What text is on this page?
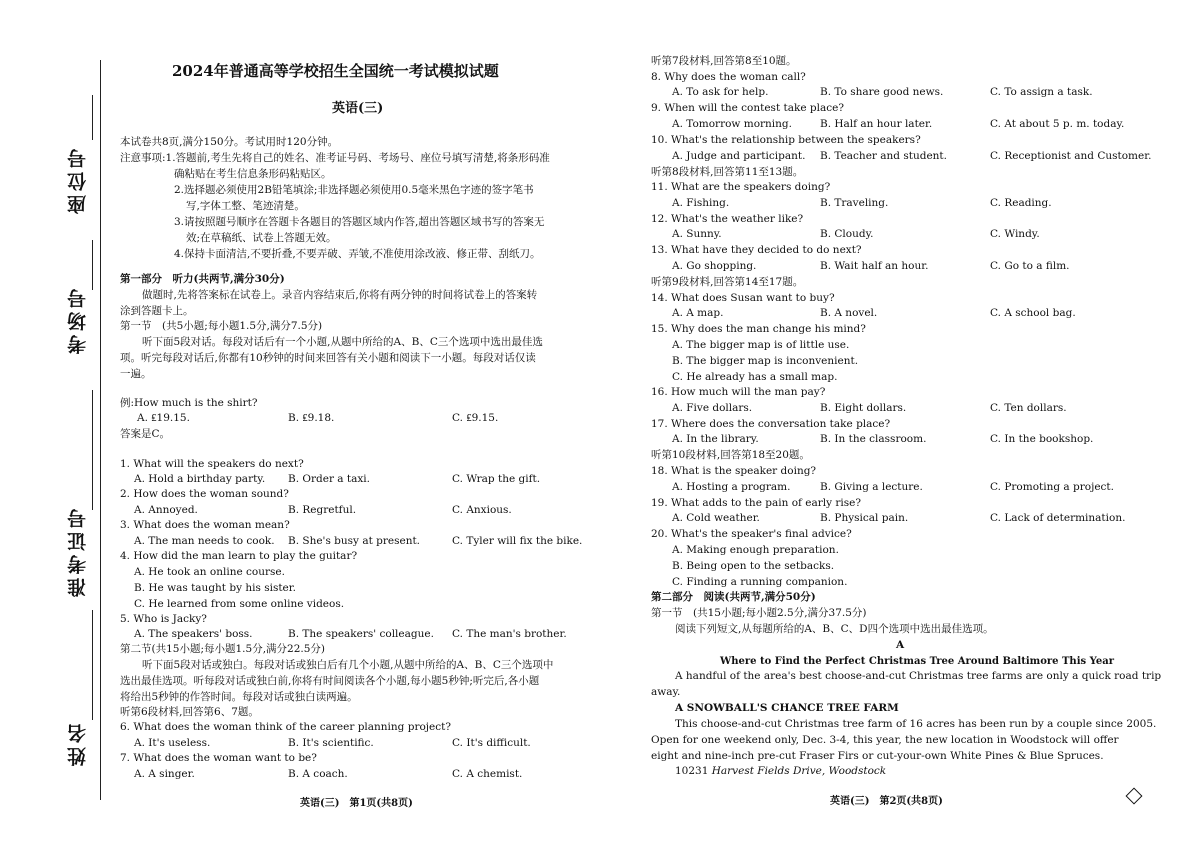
座位号
考场号
准考证号
姓名
2024年普通高等学校招生全国统一考试模拟试题
英语(三)
本试卷共8页,满分150分。考试用时120分钟。
注意事项:1.答题前,考生先将自己的姓名、准考证号码、考场号、座位号填写清楚,将条形码准
确粘贴在考生信息条形码粘贴区。
2.选择题必须使用2B铅笔填涂;非选择题必须使用0.5毫米黑色字迹的签字笔书
写,字体工整、笔迹清楚。
3.请按照题号顺序在答题卡各题目的答题区域内作答,超出答题区域书写的答案无
效;在草稿纸、试卷上答题无效。
4.保持卡面清洁,不要折叠,不要弄破、弄皱,不准使用涂改液、修正带、刮纸刀。
第一部分　听力(共两节,满分30分)
做题时,先将答案标在试卷上。录音内容结束后,你将有两分钟的时间将试卷上的答案转
涂到答题卡上。
第一节　(共5小题;每小题1.5分,满分7.5分)
听下面5段对话。每段对话后有一个小题,从题中所给的A、B、C三个选项中选出最佳选
项。听完每段对话后,你都有10秒钟的时间来回答有关小题和阅读下一小题。每段对话仅读
一遍。
例:How much is the shirt?
A. ₤19.15.	B. ₤9.18.	C. ₤9.15.
答案是C。
1. What will the speakers do next?
A. Hold a birthday party. B. Order a taxi.	C. Wrap the gift.
2. How does the woman sound?
A. Annoyed.	B. Regretful.	C. Anxious.
3. What does the woman mean?
A. The man needs to cook. B. She's busy at present.	C. Tyler will fix the bike.
4. How did the man learn to play the guitar?
A. He took an online course.
B. He was taught by his sister.
C. He learned from some online videos.
5. Who is Jacky?
A. The speakers' boss.	B. The speakers' colleague. C. The man's brother.
第二节(共15小题;每小题1.5分,满分22.5分)
听下面5段对话或独白。每段对话或独白后有几个小题,从题中所给的A、B、C三个选项中
选出最佳选项。听每段对话或独白前,你将有时间阅读各个小题,每小题5秒钟;听完后,各小题
将给出5秒钟的作答时间。每段对话或独白读两遍。
听第6段材料,回答第6、7题。
6. What does the woman think of the career planning project?
A. It's useless.	B. It's scientific.	C. It's difficult.
7. What does the woman want to be?
A. A singer.	B. A coach.	C. A chemist.
英语(三)　第1页(共8页)
听第7段材料,回答第8至10题。
8. Why does the woman call?
A. To ask for help.	B. To share good news.	C. To assign a task.
9. When will the contest take place?
A. Tomorrow morning.	B. Half an hour later.	C. At about 5 p. m. today.
10. What's the relationship between the speakers?
A. Judge and participant. B. Teacher and student.	C. Receptionist and Customer.
听第8段材料,回答第11至13题。
11. What are the speakers doing?
A. Fishing.	B. Traveling.	C. Reading.
12. What's the weather like?
A. Sunny.	B. Cloudy.	C. Windy.
13. What have they decided to do next?
A. Go shopping.	B. Wait half an hour.	C. Go to a film.
听第9段材料,回答第14至17题。
14. What does Susan want to buy?
A. A map.	B. A novel.	C. A school bag.
15. Why does the man change his mind?
A. The bigger map is of little use.
B. The bigger map is inconvenient.
C. He already has a small map.
16. How much will the man pay?
A. Five dollars.	B. Eight dollars.	C. Ten dollars.
17. Where does the conversation take place?
A. In the library.	B. In the classroom.	C. In the bookshop.
听第10段材料,回答第18至20题。
18. What is the speaker doing?
A. Hosting a program.	B. Giving a lecture.	C. Promoting a project.
19. What adds to the pain of early rise?
A. Cold weather.	B. Physical pain.	C. Lack of determination.
20. What's the speaker's final advice?
A. Making enough preparation.
B. Being open to the setbacks.
C. Finding a running companion.
第二部分　阅读(共两节,满分50分)
第一节　(共15小题;每小题2.5分,满分37.5分)
阅读下列短文,从每题所给的A、B、C、D四个选项中选出最佳选项。
A
Where to Find the Perfect Christmas Tree Around Baltimore This Year
A handful of the area's best choose-and-cut Christmas tree farms are only a quick road trip
away.
A SNOWBALL'S CHANCE TREE FARM
This choose-and-cut Christmas tree farm of 16 acres has been run by a couple since 2005.
Open for one weekend only, Dec. 3-4, this year, the new location in Woodstock will offer
eight and nine-inch pre-cut Fraser Firs or cut-your-own White Pines & Blue Spruces.
10231 Harvest Fields Drive, Woodstock
英语(三)　第2页(共8页)
